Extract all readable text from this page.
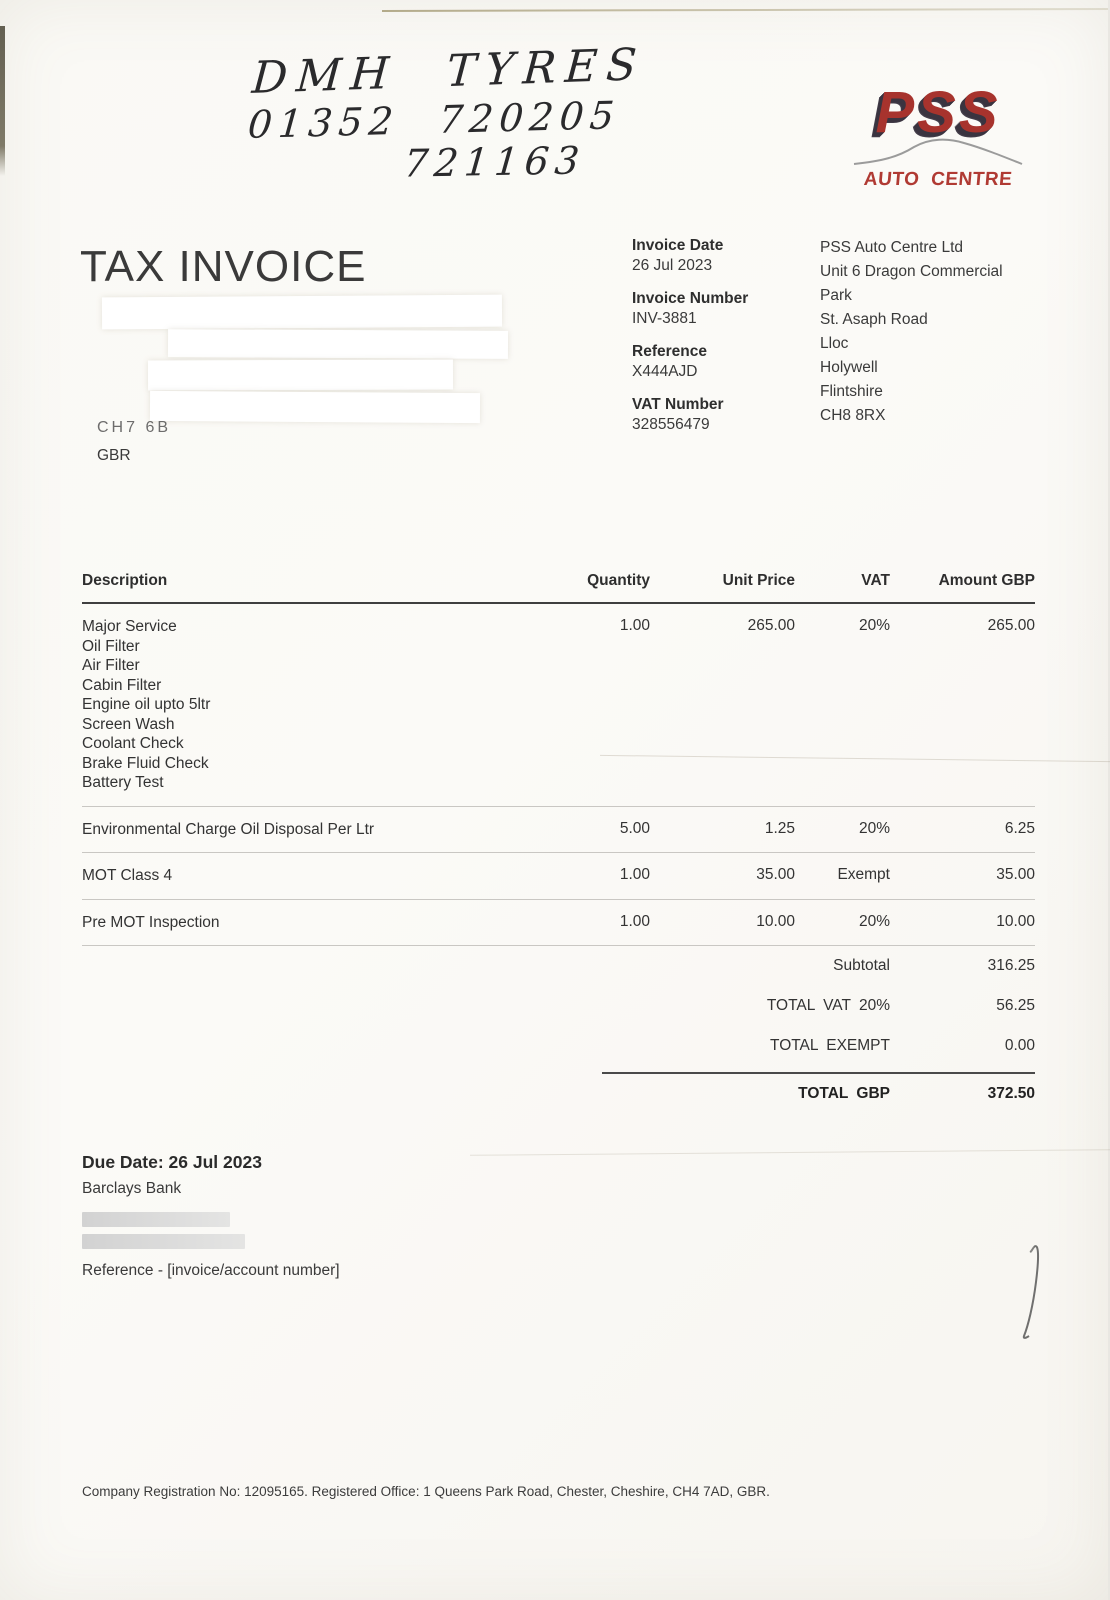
DMH TYRES
01352 720205
721163
PSS
AUTO CENTRE
TAX INVOICE
CH7 6B
GBR
Invoice Date
26 Jul 2023
Invoice Number
INV-3881
Reference
X444AJD
VAT Number
328556479
PSS Auto Centre Ltd
Unit 6 Dragon Commercial Park
St. Asaph Road
Lloc
Holywell
Flintshire
CH8 8RX
Description	Quantity	Unit Price	VAT	Amount GBP
Major Service
Oil Filter
Air Filter
Cabin Filter
Engine oil upto 5ltr
Screen Wash
Coolant Check
Brake Fluid Check
Battery Test
1.00	265.00	20%	265.00
Environmental Charge Oil Disposal Per Ltr	5.00	1.25	20%	6.25
MOT Class 4	1.00	35.00	Exempt	35.00
Pre MOT Inspection	1.00	10.00	20%	10.00
Subtotal	316.25
TOTAL VAT 20%	56.25
TOTAL EXEMPT	0.00
TOTAL GBP	372.50
Due Date: 26 Jul 2023
Barclays Bank
Reference - [invoice/account number]
Company Registration No: 12095165. Registered Office: 1 Queens Park Road, Chester, Cheshire, CH4 7AD, GBR.
